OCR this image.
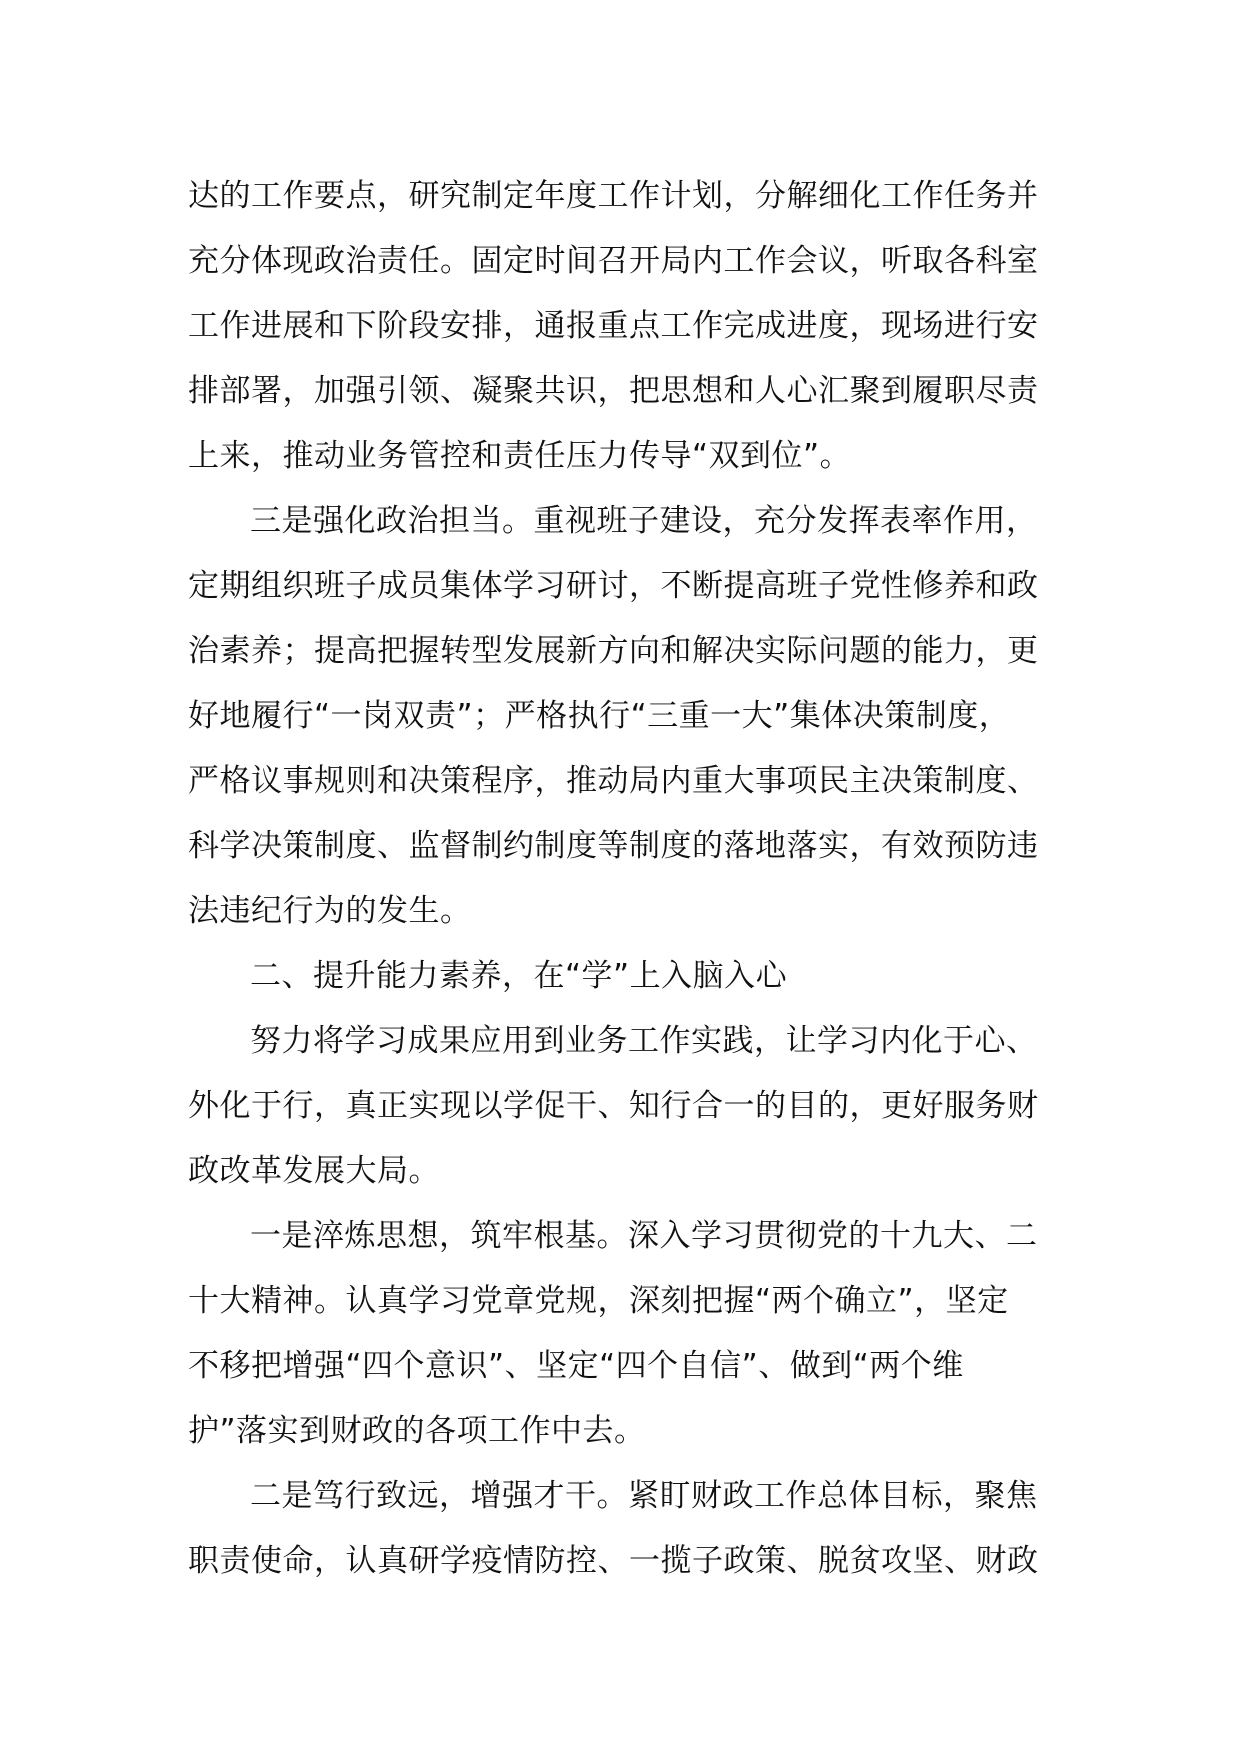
达的工作要点，研究制定年度工作计划，分解细化工作任务并
充分体现政治责任。固定时间召开局内工作会议，听取各科室
工作进展和下阶段安排，通报重点工作完成进度，现场进行安
排部署，加强引领、凝聚共识，把思想和人心汇聚到履职尽责
上来，推动业务管控和责任压力传导“双到位”。
三是强化政治担当。重视班子建设，充分发挥表率作用，
定期组织班子成员集体学习研讨，不断提高班子党性修养和政
治素养；提高把握转型发展新方向和解决实际问题的能力，更
好地履行“一岗双责”；严格执行“三重一大”集体决策制度，
严格议事规则和决策程序，推动局内重大事项民主决策制度、
科学决策制度、监督制约制度等制度的落地落实，有效预防违
法违纪行为的发生。
二、提升能力素养，在“学”上入脑入心
努力将学习成果应用到业务工作实践，让学习内化于心、
外化于行，真正实现以学促干、知行合一的目的，更好服务财
政改革发展大局。
一是淬炼思想，筑牢根基。深入学习贯彻党的十九大、二
十大精神。认真学习党章党规，深刻把握“两个确立”，坚定
不移把增强“四个意识”、坚定“四个自信”、做到“两个维
护”落实到财政的各项工作中去。
二是笃行致远，增强才干。紧盯财政工作总体目标，聚焦
职责使命，认真研学疫情防控、一揽子政策、脱贫攻坚、财政
